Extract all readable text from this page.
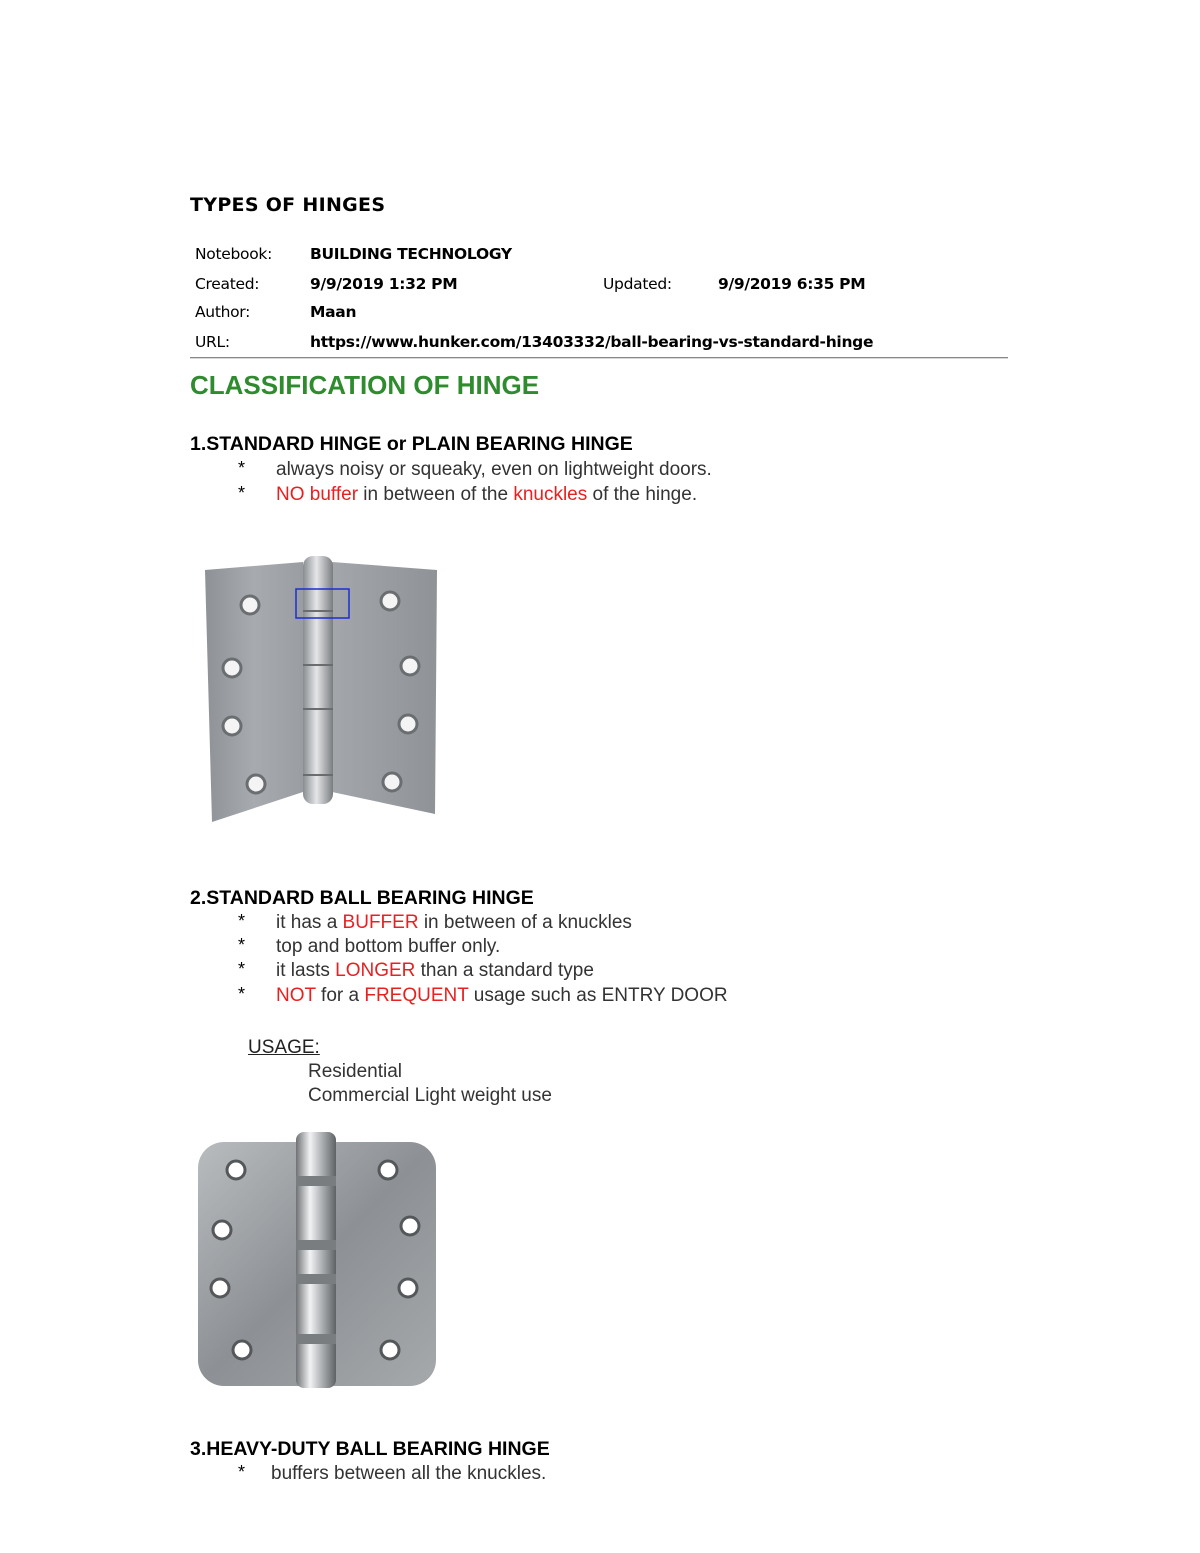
TYPES OF HINGES
Notebook: BUILDING TECHNOLOGY
Created:	9/9/2019 1:32 PM	Updated:	9/9/2019 6:35 PM
Author:	Maan
URL:	https://www.hunker.com/13403332/ball-bearing-vs-standard-hinge
CLASSIFICATION OF HINGE
1.STANDARD HINGE or PLAIN BEARING HINGE
* always noisy or squeaky, even on lightweight doors.
* NO buffer in between of the knuckles of the hinge.
2.STANDARD BALL BEARING HINGE
* it has a BUFFER in between of a knuckles
* top and bottom buffer only.
* it lasts LONGER than a standard type
* NOT for a FREQUENT usage such as ENTRY DOOR
USAGE:
Residential
Commercial Light weight use
3.HEAVY-DUTY BALL BEARING HINGE
* buffers between all the knuckles.
